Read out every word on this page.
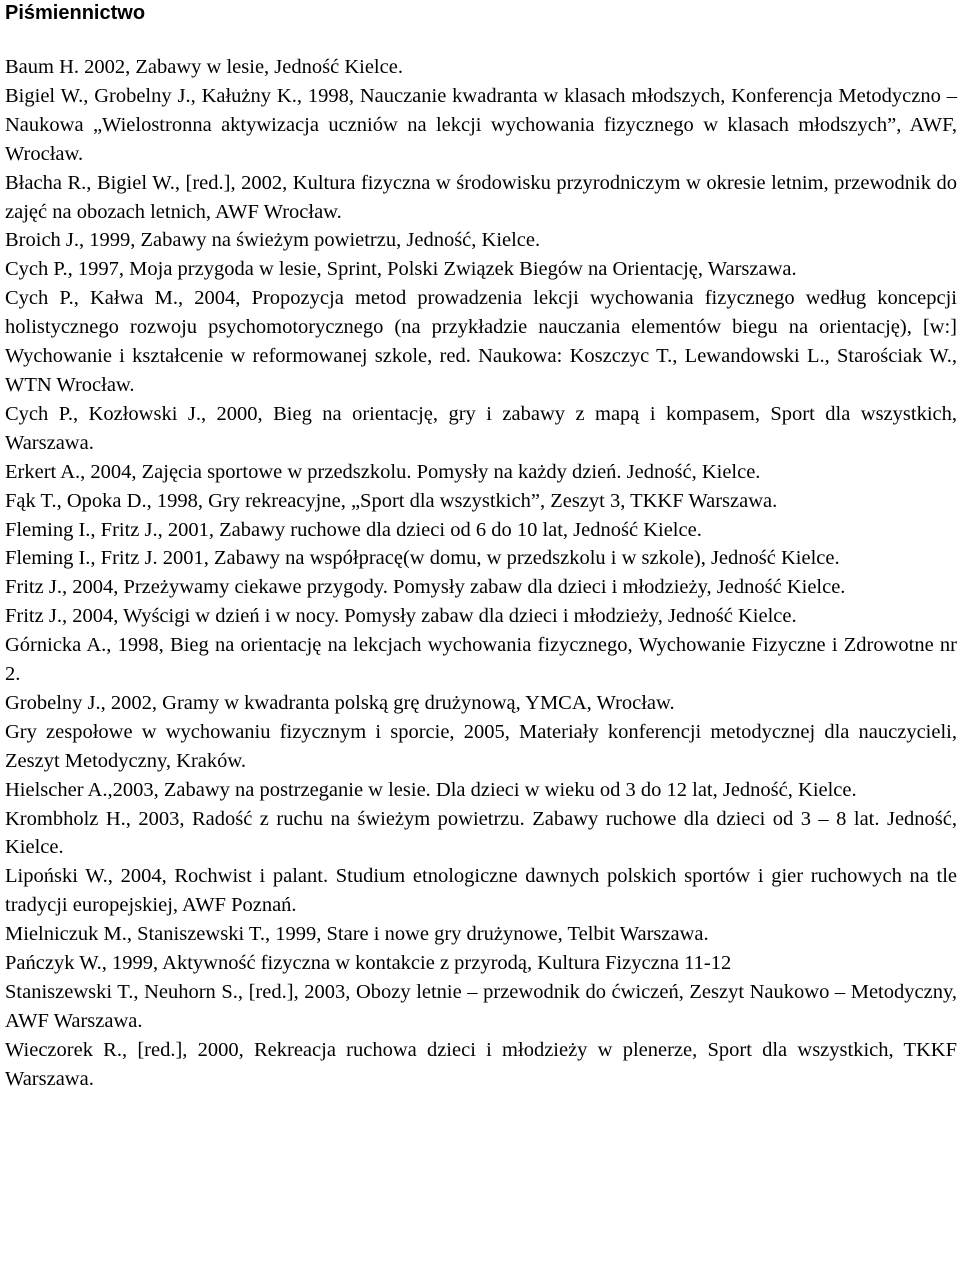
Piśmiennictwo
Baum H. 2002, Zabawy w lesie, Jedność Kielce.
Bigiel W., Grobelny J., Kałużny K., 1998, Nauczanie kwadranta w klasach młodszych, Konferencja Metodyczno – Naukowa „Wielostronna aktywizacja uczniów na lekcji wychowania fizycznego w klasach młodszych”, AWF, Wrocław.
Błacha R., Bigiel W., [red.], 2002, Kultura fizyczna w środowisku przyrodniczym w okresie letnim, przewodnik do zajęć na obozach letnich, AWF Wrocław.
Broich J., 1999, Zabawy na świeżym powietrzu, Jedność, Kielce.
Cych P., 1997, Moja przygoda w lesie, Sprint, Polski Związek Biegów na Orientację, Warszawa.
Cych P., Kałwa M., 2004, Propozycja metod prowadzenia lekcji wychowania fizycznego według koncepcji holistycznego rozwoju psychomotorycznego (na przykładzie nauczania elementów biegu na orientację), [w:] Wychowanie i kształcenie w reformowanej szkole, red. Naukowa: Koszczyc T., Lewandowski L., Starościak W., WTN Wrocław.
Cych P., Kozłowski J., 2000, Bieg na orientację, gry i zabawy z mapą i kompasem, Sport dla wszystkich, Warszawa.
Erkert A., 2004, Zajęcia sportowe w przedszkolu. Pomysły na każdy dzień. Jedność, Kielce.
Fąk T., Opoka D., 1998, Gry rekreacyjne, „Sport dla wszystkich”, Zeszyt 3, TKKF Warszawa.
Fleming I., Fritz J., 2001, Zabawy ruchowe dla dzieci od 6 do 10 lat, Jedność Kielce.
Fleming I., Fritz J. 2001, Zabawy na współpracę(w domu, w przedszkolu i w szkole), Jedność Kielce.
Fritz J., 2004, Przeżywamy ciekawe przygody. Pomysły zabaw dla dzieci i młodzieży, Jedność Kielce.
Fritz J., 2004, Wyścigi w dzień i w nocy. Pomysły zabaw dla dzieci i młodzieży, Jedność Kielce.
Górnicka A., 1998, Bieg na orientację na lekcjach wychowania fizycznego, Wychowanie Fizyczne i Zdrowotne nr 2.
Grobelny J., 2002, Gramy w kwadranta polską grę drużynową, YMCA, Wrocław.
Gry zespołowe w wychowaniu fizycznym i sporcie, 2005, Materiały konferencji metodycznej dla nauczycieli, Zeszyt Metodyczny, Kraków.
Hielscher A.,2003, Zabawy na postrzeganie w lesie. Dla dzieci w wieku od 3 do 12 lat, Jedność, Kielce.
Krombholz H., 2003, Radość z ruchu na świeżym powietrzu. Zabawy ruchowe dla dzieci od 3 – 8 lat. Jedność, Kielce.
Lipoński W., 2004, Rochwist i palant. Studium etnologiczne dawnych polskich sportów i gier ruchowych na tle tradycji europejskiej, AWF Poznań.
Mielniczuk M., Staniszewski T., 1999, Stare i nowe gry drużynowe, Telbit Warszawa.
Pańczyk W., 1999, Aktywność fizyczna w kontakcie z przyrodą, Kultura Fizyczna 11-12
Staniszewski T., Neuhorn S., [red.], 2003, Obozy letnie – przewodnik do ćwiczeń, Zeszyt Naukowo – Metodyczny, AWF Warszawa.
Wieczorek R., [red.], 2000, Rekreacja ruchowa dzieci i młodzieży w plenerze, Sport dla wszystkich, TKKF Warszawa.
